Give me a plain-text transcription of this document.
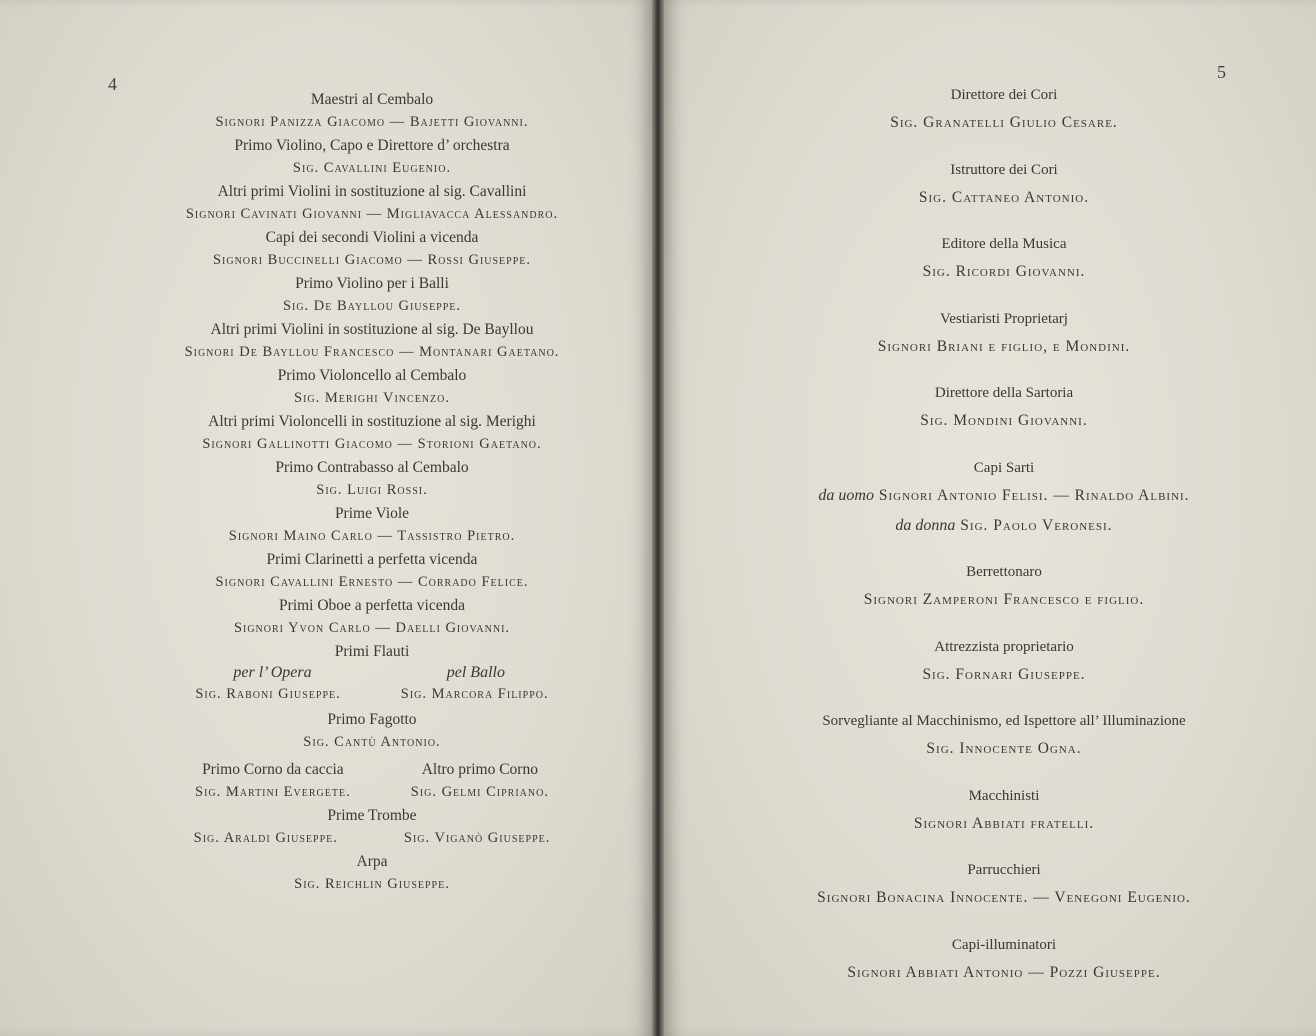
4
Maestri al Cembalo
Signori Panizza Giacomo — Bajetti Giovanni.
Primo Violino, Capo e Direttore d’ orchestra
Sig. Cavallini Eugenio.
Altri primi Violini in sostituzione al sig. Cavallini
Signori Cavinati Giovanni — Migliavacca Alessandro.
Capi dei secondi Violini a vicenda
Signori Buccinelli Giacomo — Rossi Giuseppe.
Primo Violino per i Balli
Sig. De Bayllou Giuseppe.
Altri primi Violini in sostituzione al sig. De Bayllou
Signori De Bayllou Francesco — Montanari Gaetano.
Primo Violoncello al Cembalo
Sig. Merighi Vincenzo.
Altri primi Violoncelli in sostituzione al sig. Merighi
Signori Gallinotti Giacomo — Storioni Gaetano.
Primo Contrabasso al Cembalo
Sig. Luigi Rossi.
Prime Viole
Signori Maino Carlo — Tassistro Pietro.
Primi Clarinetti a perfetta vicenda
Signori Cavallini Ernesto — Corrado Felice.
Primi Oboe a perfetta vicenda
Signori Yvon Carlo — Daelli Giovanni.
Primi Flauti
per l’ Opera
Sig. Raboni Giuseppe.
pel Ballo
Sig. Marcora Filippo.
Primo Fagotto
Sig. Cantù Antonio.
Primo Corno da caccia
Sig. Martini Evergete.
Altro primo Corno
Sig. Gelmi Cipriano.
Prime Trombe
Sig. Araldi Giuseppe.	Sig. Viganò Giuseppe.
Arpa
Sig. Reichlin Giuseppe.
5
Direttore dei Cori
Sig. Granatelli Giulio Cesare.
Istruttore dei Cori
Sig. Cattaneo Antonio.
Editore della Musica
Sig. Ricordi Giovanni.
Vestiaristi Proprietarj
Signori Briani e figlio, e Mondini.
Direttore della Sartoria
Sig. Mondini Giovanni.
Capi Sarti
da uomo Signori Antonio Felisi. — Rinaldo Albini.
da donna Sig. Paolo Veronesi.
Berrettonaro
Signori Zamperoni Francesco e figlio.
Attrezzista proprietario
Sig. Fornari Giuseppe.
Sorvegliante al Macchinismo, ed Ispettore all’ Illuminazione
Sig. Innocente Ogna.
Macchinisti
Signori Abbiati fratelli.
Parrucchieri
Signori Bonacina Innocente. — Venegoni Eugenio.
Capi-illuminatori
Signori Abbiati Antonio — Pozzi Giuseppe.
